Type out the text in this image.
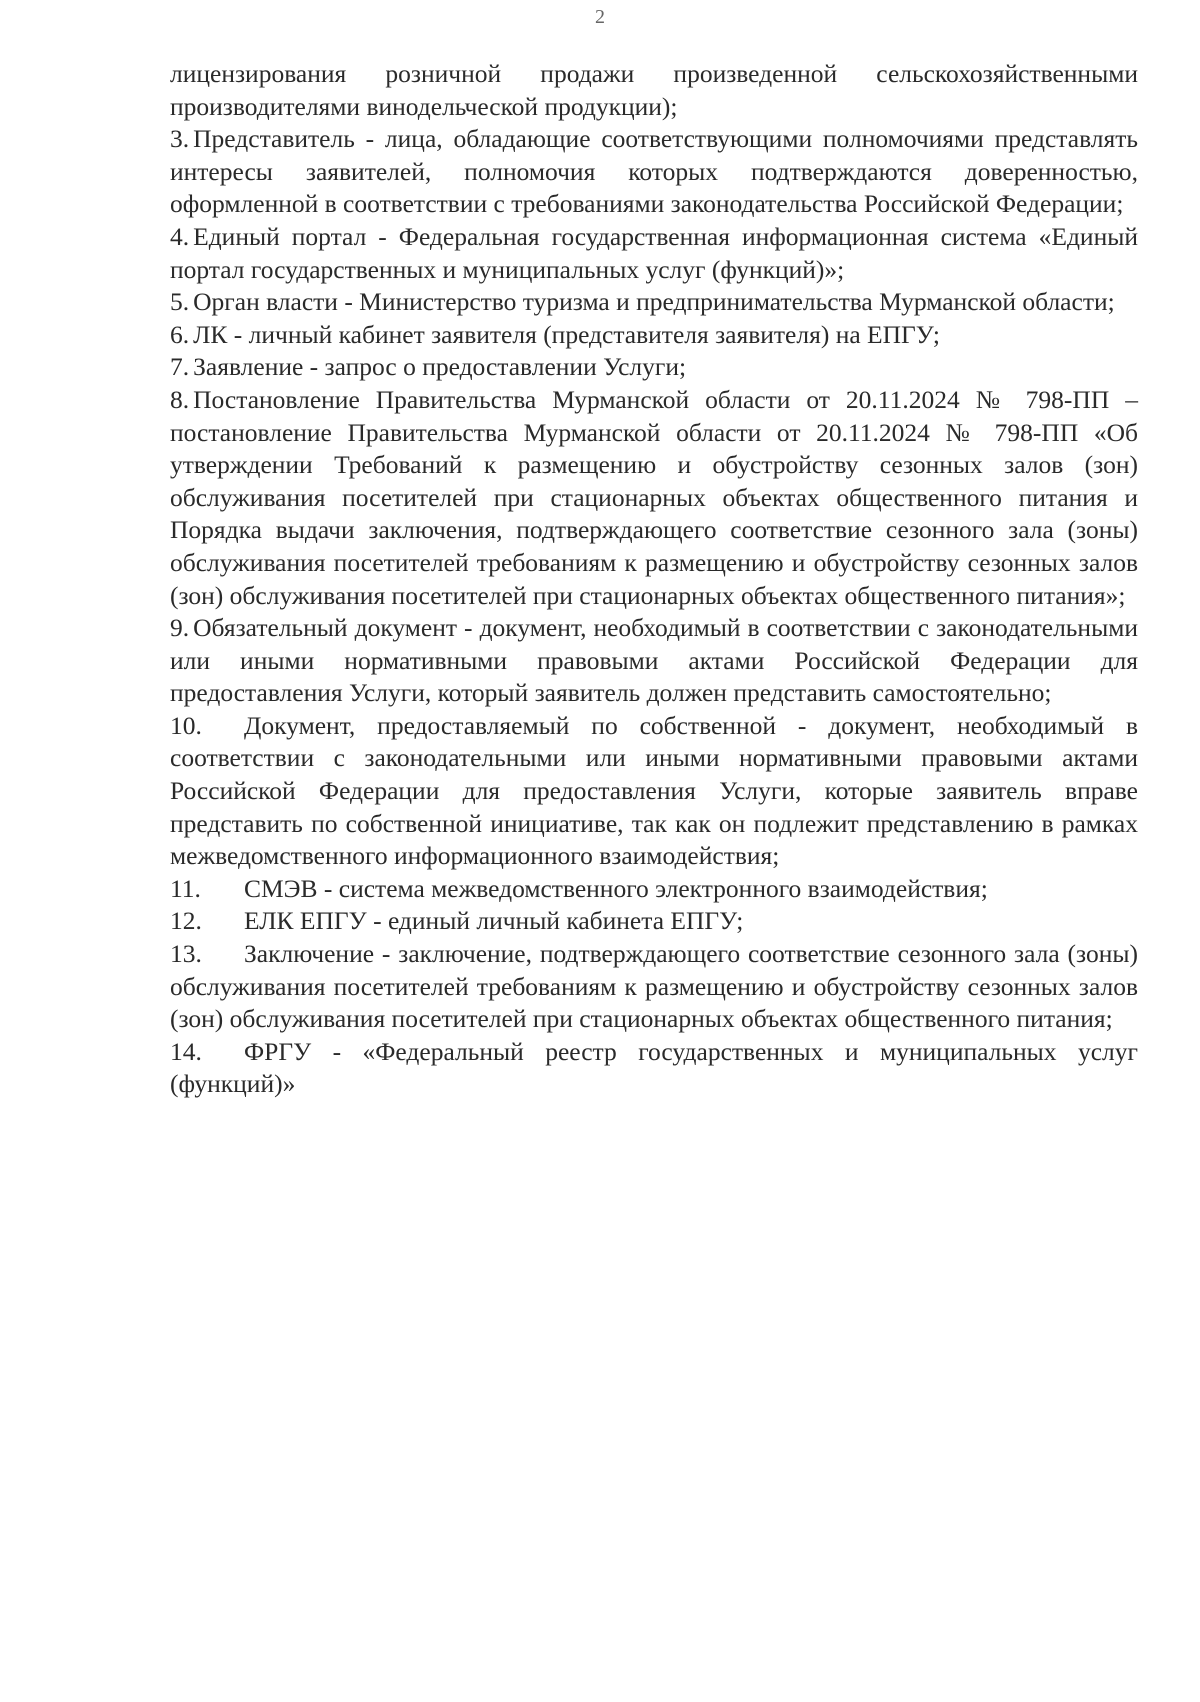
2

лицензирования розничной продажи произведенной сельскохозяйственными производителями винодельческой продукции);

3. Представитель - лица, обладающие соответствующими полномочиями представлять интересы заявителей, полномочия которых подтверждаются доверенностью, оформленной в соответствии с требованиями законодательства Российской Федерации;

4. Единый портал - Федеральная государственная информационная система «Единый портал государственных и муниципальных услуг (функций)»;

5. Орган власти - Министерство туризма и предпринимательства Мурманской области;

6. ЛК - личный кабинет заявителя (представителя заявителя) на ЕПГУ;

7. Заявление - запрос о предоставлении Услуги;

8. Постановление Правительства Мурманской области от 20.11.2024 № 798-ПП – постановление Правительства Мурманской области от 20.11.2024 № 798-ПП «Об утверждении Требований к размещению и обустройству сезонных залов (зон) обслуживания посетителей при стационарных объектах общественного питания и Порядка выдачи заключения, подтверждающего соответствие сезонного зала (зоны) обслуживания посетителей требованиям к размещению и обустройству сезонных залов (зон) обслуживания посетителей при стационарных объектах общественного питания»;

9. Обязательный документ - документ, необходимый в соответствии с законодательными или иными нормативными правовыми актами Российской Федерации для предоставления Услуги, который заявитель должен представить самостоятельно;

10. Документ, предоставляемый по собственной - документ, необходимый в соответствии с законодательными или иными нормативными правовыми актами Российской Федерации для предоставления Услуги, которые заявитель вправе представить по собственной инициативе, так как он подлежит представлению в рамках межведомственного информационного взаимодействия;

11. СМЭВ - система межведомственного электронного взаимодействия;

12. ЕЛК ЕПГУ - единый личный кабинета ЕПГУ;

13. Заключение - заключение, подтверждающего соответствие сезонного зала (зоны) обслуживания посетителей требованиям к размещению и обустройству сезонных залов (зон) обслуживания посетителей при стационарных объектах общественного питания;

14. ФРГУ - «Федеральный реестр государственных и муниципальных услуг (функций)»
